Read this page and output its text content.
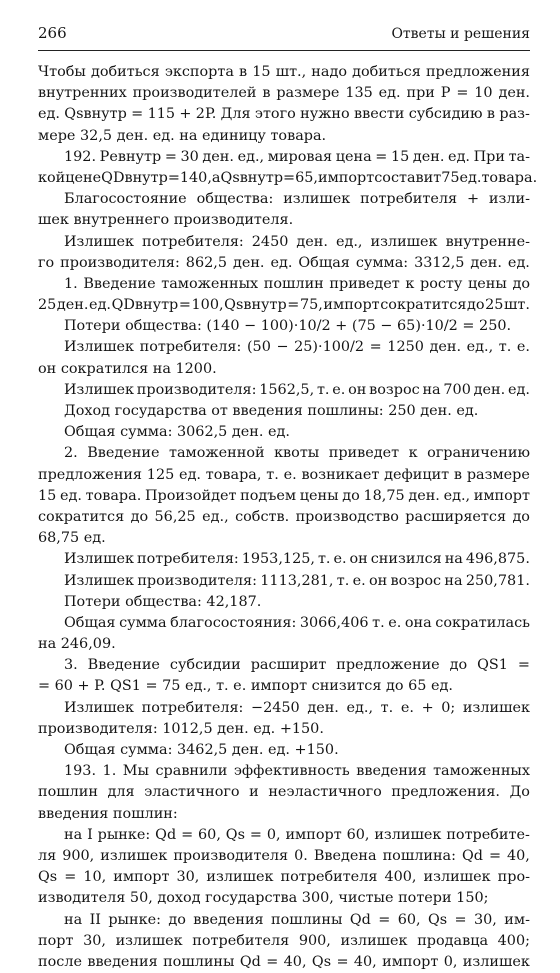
266	Ответы и решения
Чтобы добиться экспорта в 15 шт., надо добиться предложения
внутренних производителей в размере 135 ед. при P = 10 ден.
ед. Qsвнутр = 115 + 2P. Для этого нужно ввести субсидию в раз-
мере 32,5 ден. ед. на единицу товара.
192. Pевнутр = 30 ден. ед., мировая цена = 15 ден. ед. При та-
кой цене QDвнутр = 140, а Qsвнутр = 65, импорт составит 75 ед. товара.
Благосостояние общества: излишек потребителя + изли-
шек внутреннего производителя.
Излишек потребителя: 2450 ден. ед., излишек внутренне-
го производителя: 862,5 ден. ед. Общая сумма: 3312,5 ден. ед.
1. Введение таможенных пошлин приведет к росту цены до
25 ден. ед. QDвнутр = 100, Qsвнутр = 75, импорт сократится до 25 шт.
Потери общества: (140 − 100)·10/2 + (75 − 65)·10/2 = 250.
Излишек потребителя: (50 − 25)·100/2 = 1250 ден. ед., т. е.
он сократился на 1200.
Излишек производителя: 1562,5, т. е. он возрос на 700 ден. ед.
Доход государства от введения пошлины: 250 ден. ед.
Общая сумма: 3062,5 ден. ед.
2. Введение таможенной квоты приведет к ограничению
предложения 125 ед. товара, т. е. возникает дефицит в размере
15 ед. товара. Произойдет подъем цены до 18,75 ден. ед., импорт
сократится до 56,25 ед., собств. производство расширяется до
68,75 ед.
Излишек потребителя: 1953,125, т. е. он снизился на 496,875.
Излишек производителя: 1113,281, т. е. он возрос на 250,781.
Потери общества: 42,187.
Общая сумма благосостояния: 3066,406 т. е. она сократилась
на 246,09.
3. Введение субсидии расширит предложение до QS1 =
= 60 + P. QS1 = 75 ед., т. е. импорт снизится до 65 ед.
Излишек потребителя: −2450 ден. ед., т. е. + 0; излишек
производителя: 1012,5 ден. ед. +150.
Общая сумма: 3462,5 ден. ед. +150.
193. 1. Мы сравнили эффективность введения таможенных
пошлин для эластичного и неэластичного предложения. До
введения пошлин:
на I рынке: Qd = 60, Qs = 0, импорт 60, излишек потребите-
ля 900, излишек производителя 0. Введена пошлина: Qd = 40,
Qs = 10, импорт 30, излишек потребителя 400, излишек про-
изводителя 50, доход государства 300, чистые потери 150;
на II рынке: до введения пошлины Qd = 60, Qs = 30, им-
порт 30, излишек потребителя 900, излишек продавца 400;
после введения пошлины Qd = 40, Qs = 40, импорт 0, излишек
